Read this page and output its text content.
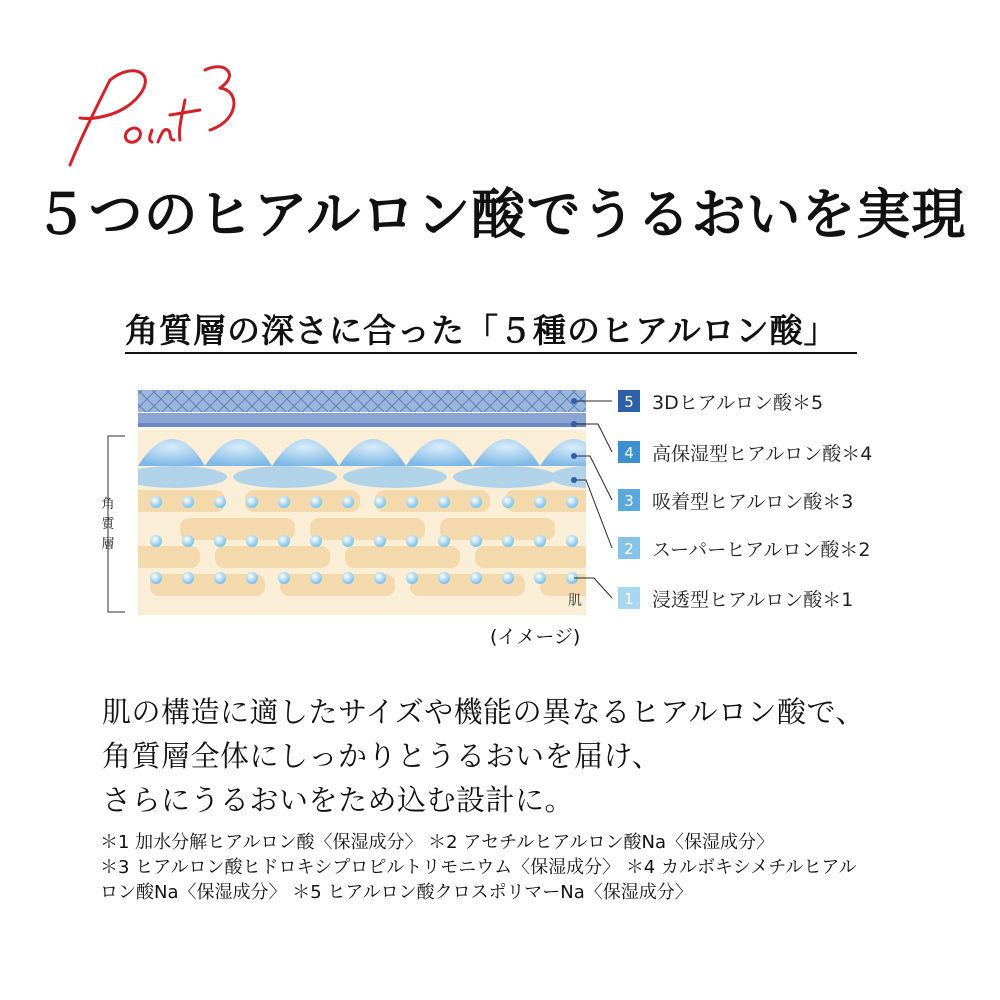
５つのヒアルロン酸でうるおいを実現
角質層の深さに合った「５種のヒアルロン酸」
角
質
層
肌
5 3Dヒアルロン酸＊5
4 高保湿型ヒアルロン酸＊4
3 吸着型ヒアルロン酸＊3
2 スーパーヒアルロン酸＊2
1 浸透型ヒアルロン酸＊1
(イメージ)
肌の構造に適したサイズや機能の異なるヒアルロン酸で、
角質層全体にしっかりとうるおいを届け、
さらにうるおいをため込む設計に。
＊1 加水分解ヒアルロン酸〈保湿成分〉 ＊2 アセチルヒアルロン酸Na〈保湿成分〉
＊3 ヒアルロン酸ヒドロキシプロピルトリモニウム〈保湿成分〉 ＊4 カルボキシメチルヒアル
ロン酸Na〈保湿成分〉 ＊5 ヒアルロン酸クロスポリマーNa〈保湿成分〉
